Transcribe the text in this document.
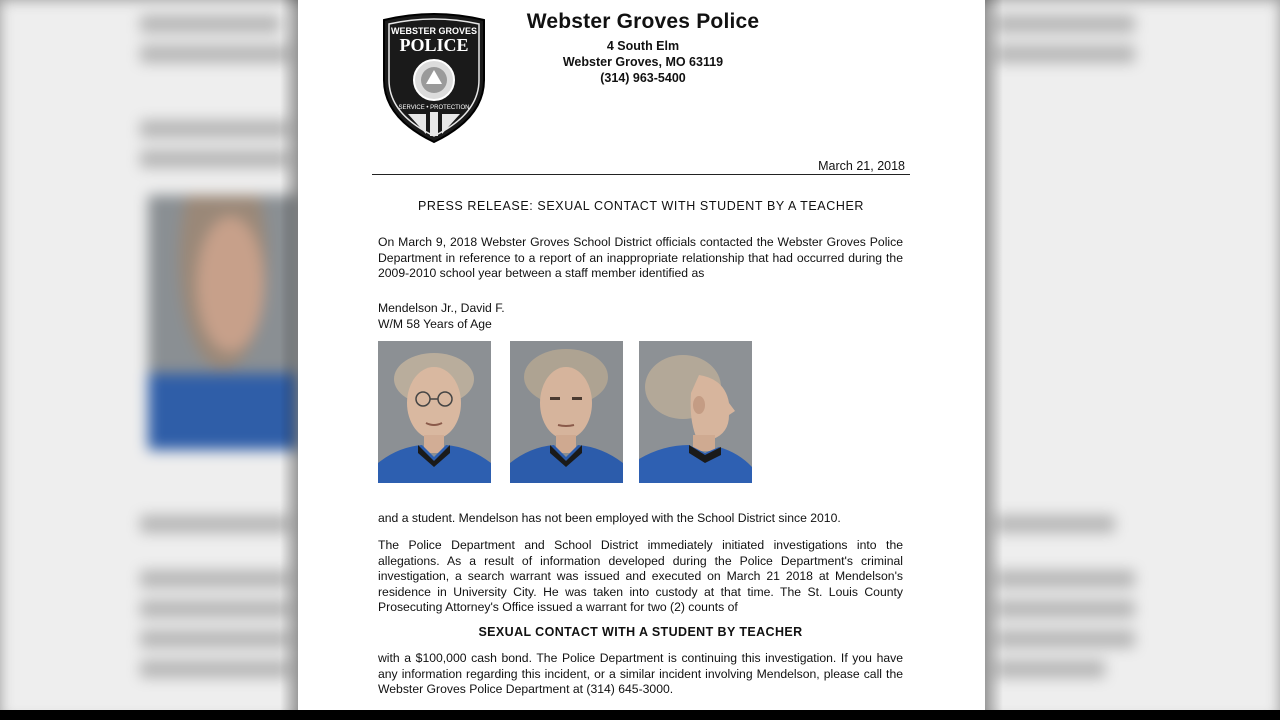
WEBSTER GROVES
POLICE
SERVICE • PROTECTION
Webster Groves Police
4 South Elm
Webster Groves, MO 63119
(314) 963-5400
March 21, 2018
PRESS RELEASE: SEXUAL CONTACT WITH STUDENT BY A TEACHER
On March 9, 2018 Webster Groves School District officials contacted the Webster Groves Police Department in reference to a report of an inappropriate relationship that had occurred during the 2009-2010 school year between a staff member identified as
Mendelson Jr., David F.
W/M 58 Years of Age
and a student. Mendelson has not been employed with the School District since 2010.
The Police Department and School District immediately initiated investigations into the allegations. As a result of information developed during the Police Department's criminal investigation, a search warrant was issued and executed on March 21 2018 at Mendelson's residence in University City. He was taken into custody at that time. The St. Louis County Prosecuting Attorney's Office issued a warrant for two (2) counts of
SEXUAL CONTACT WITH A STUDENT BY TEACHER
with a $100,000 cash bond. The Police Department is continuing this investigation. If you have any information regarding this incident, or a similar incident involving Mendelson, please call the Webster Groves Police Department at (314) 645-3000.
